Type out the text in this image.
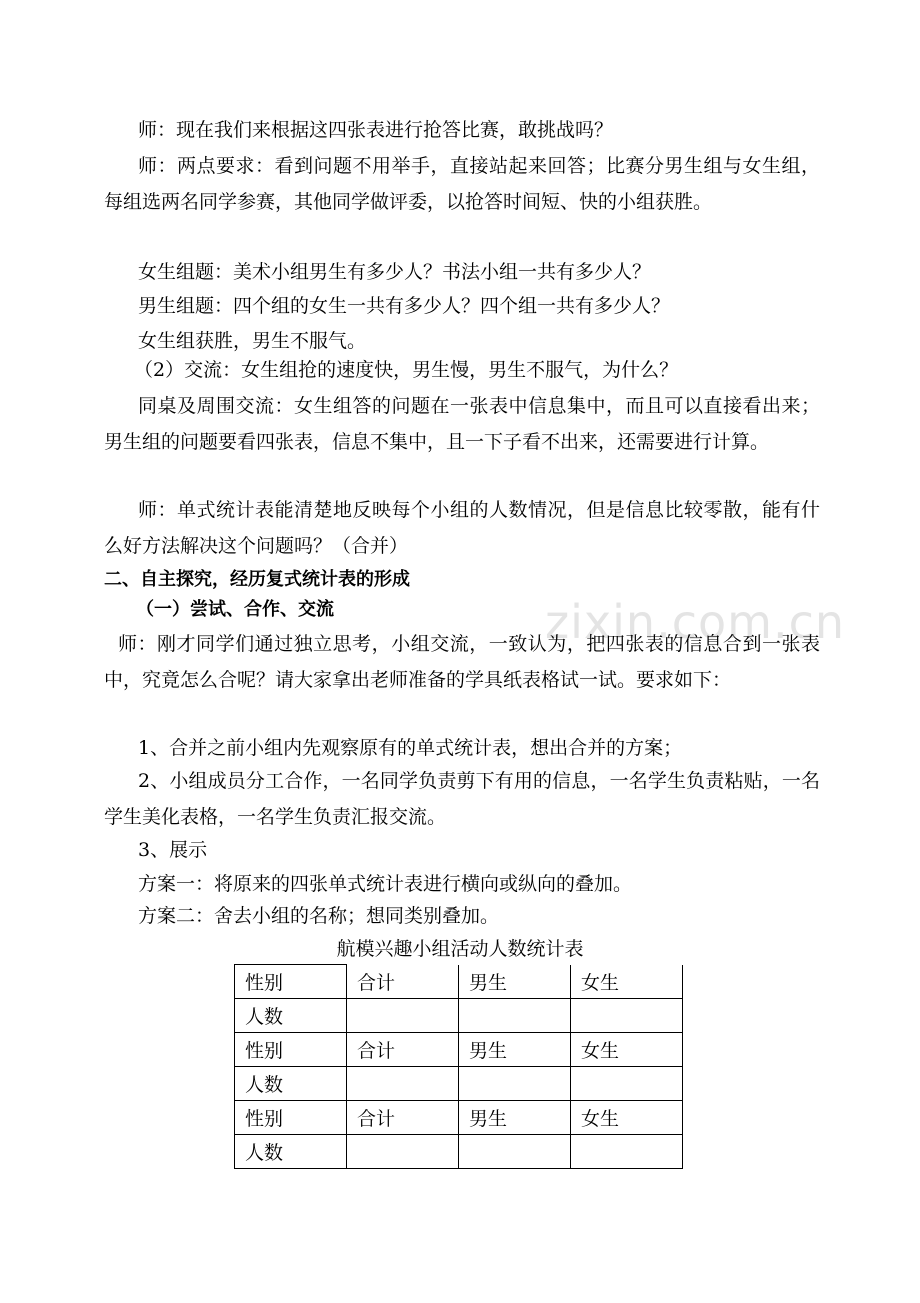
zixin.com.cn

师：现在我们来根据这四张表进行抢答比赛，敢挑战吗？

师：两点要求：看到问题不用举手，直接站起来回答；比赛分男生组与女生组，每组选两名同学参赛，其他同学做评委，以抢答时间短、快的小组获胜。

女生组题：美术小组男生有多少人？书法小组一共有多少人？

男生组题：四个组的女生一共有多少人？四个组一共有多少人？

女生组获胜，男生不服气。

（2）交流：女生组抢的速度快，男生慢，男生不服气，为什么？

同桌及周围交流：女生组答的问题在一张表中信息集中，而且可以直接看出来；男生组的问题要看四张表，信息不集中，且一下子看不出来，还需要进行计算。

师：单式统计表能清楚地反映每个小组的人数情况，但是信息比较零散，能有什么好方法解决这个问题吗？（合并）

二、自主探究，经历复式统计表的形成

（一）尝试、合作、交流

师：刚才同学们通过独立思考，小组交流，一致认为，把四张表的信息合到一张表中，究竟怎么合呢？请大家拿出老师准备的学具纸表格试一试。要求如下：

1、合并之前小组内先观察原有的单式统计表，想出合并的方案；

2、小组成员分工合作，一名同学负责剪下有用的信息，一名学生负责粘贴，一名学生美化表格，一名学生负责汇报交流。

3、展示

方案一：将原来的四张单式统计表进行横向或纵向的叠加。

方案二：舍去小组的名称；想同类别叠加。

航模兴趣小组活动人数统计表
性别	合计	男生	女生
人数			
性别	合计	男生	女生
人数			
性别	合计	男生	女生
人数			
